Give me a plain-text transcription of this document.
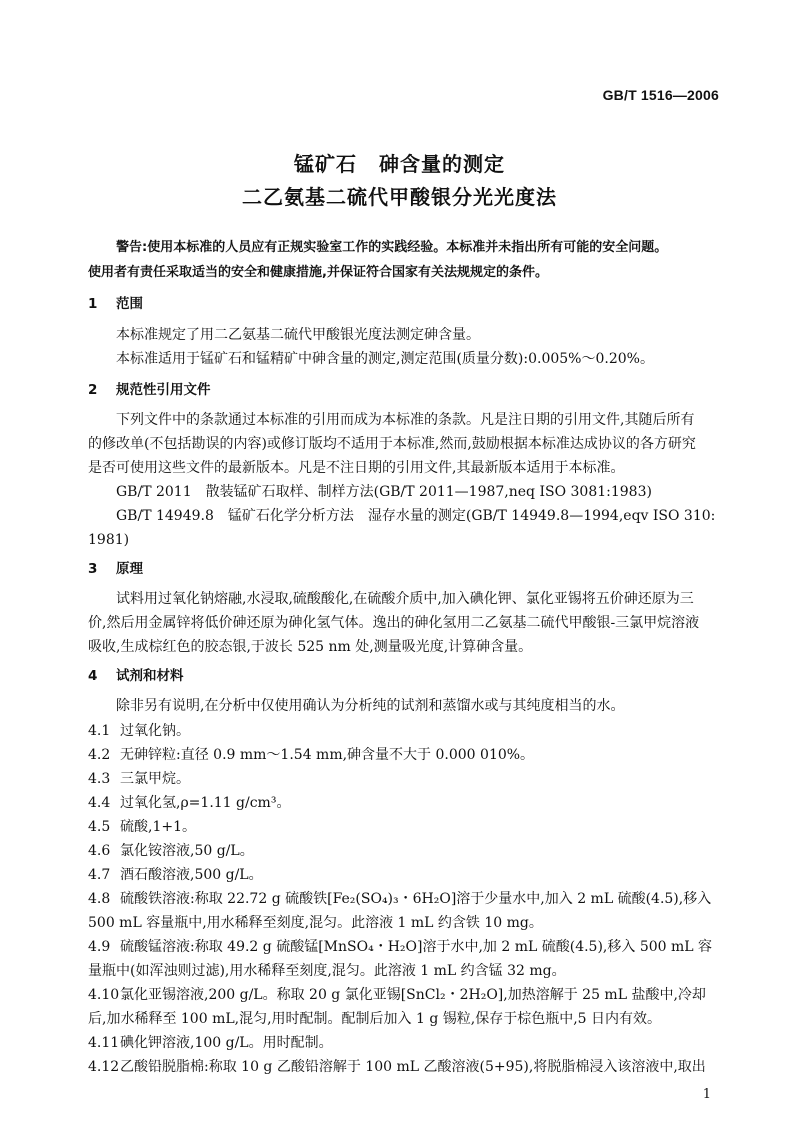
GB/T 1516—2006
锰矿石 砷含量的测定
二乙氨基二硫代甲酸银分光光度法
警告:使用本标准的人员应有正规实验室工作的实践经验。本标准并未指出所有可能的安全问题。
使用者有责任采取适当的安全和健康措施,并保证符合国家有关法规规定的条件。
1 范围
本标准规定了用二乙氨基二硫代甲酸银光度法测定砷含量。
本标准适用于锰矿石和锰精矿中砷含量的测定,测定范围(质量分数):0.005%～0.20%。
2 规范性引用文件
下列文件中的条款通过本标准的引用而成为本标准的条款。凡是注日期的引用文件,其随后所有
的修改单(不包括勘误的内容)或修订版均不适用于本标准,然而,鼓励根据本标准达成协议的各方研究
是否可使用这些文件的最新版本。凡是不注日期的引用文件,其最新版本适用于本标准。
GB/T 2011　散装锰矿石取样、制样方法(GB/T 2011—1987,neq ISO 3081:1983)
GB/T 14949.8　锰矿石化学分析方法　湿存水量的测定(GB/T 14949.8—1994,eqv ISO 310:
1981)
3 原理
试料用过氧化钠熔融,水浸取,硫酸酸化,在硫酸介质中,加入碘化钾、氯化亚锡将五价砷还原为三
价,然后用金属锌将低价砷还原为砷化氢气体。逸出的砷化氢用二乙氨基二硫代甲酸银-三氯甲烷溶液
吸收,生成棕红色的胶态银,于波长 525 nm 处,测量吸光度,计算砷含量。
4 试剂和材料
除非另有说明,在分析中仅使用确认为分析纯的试剂和蒸馏水或与其纯度相当的水。
4.1 过氧化钠。
4.2 无砷锌粒:直径 0.9 mm～1.54 mm,砷含量不大于 0.000 010%。
4.3 三氯甲烷。
4.4 过氧化氢,ρ=1.11 g/cm³。
4.5 硫酸,1+1。
4.6 氯化铵溶液,50 g/L。
4.7 酒石酸溶液,500 g/L。
4.8 硫酸铁溶液:称取 22.72 g 硫酸铁[Fe₂(SO₄)₃・6H₂O]溶于少量水中,加入 2 mL 硫酸(4.5),移入
500 mL 容量瓶中,用水稀释至刻度,混匀。此溶液 1 mL 约含铁 10 mg。
4.9 硫酸锰溶液:称取 49.2 g 硫酸锰[MnSO₄・H₂O]溶于水中,加 2 mL 硫酸(4.5),移入 500 mL 容
量瓶中(如浑浊则过滤),用水稀释至刻度,混匀。此溶液 1 mL 约含锰 32 mg。
4.10氯化亚锡溶液,200 g/L。称取 20 g 氯化亚锡[SnCl₂・2H₂O],加热溶解于 25 mL 盐酸中,冷却
后,加水稀释至 100 mL,混匀,用时配制。配制后加入 1 g 锡粒,保存于棕色瓶中,5 日内有效。
4.11碘化钾溶液,100 g/L。用时配制。
4.12乙酸铅脱脂棉:称取 10 g 乙酸铅溶解于 100 mL 乙酸溶液(5+95),将脱脂棉浸入该溶液中,取出
1
